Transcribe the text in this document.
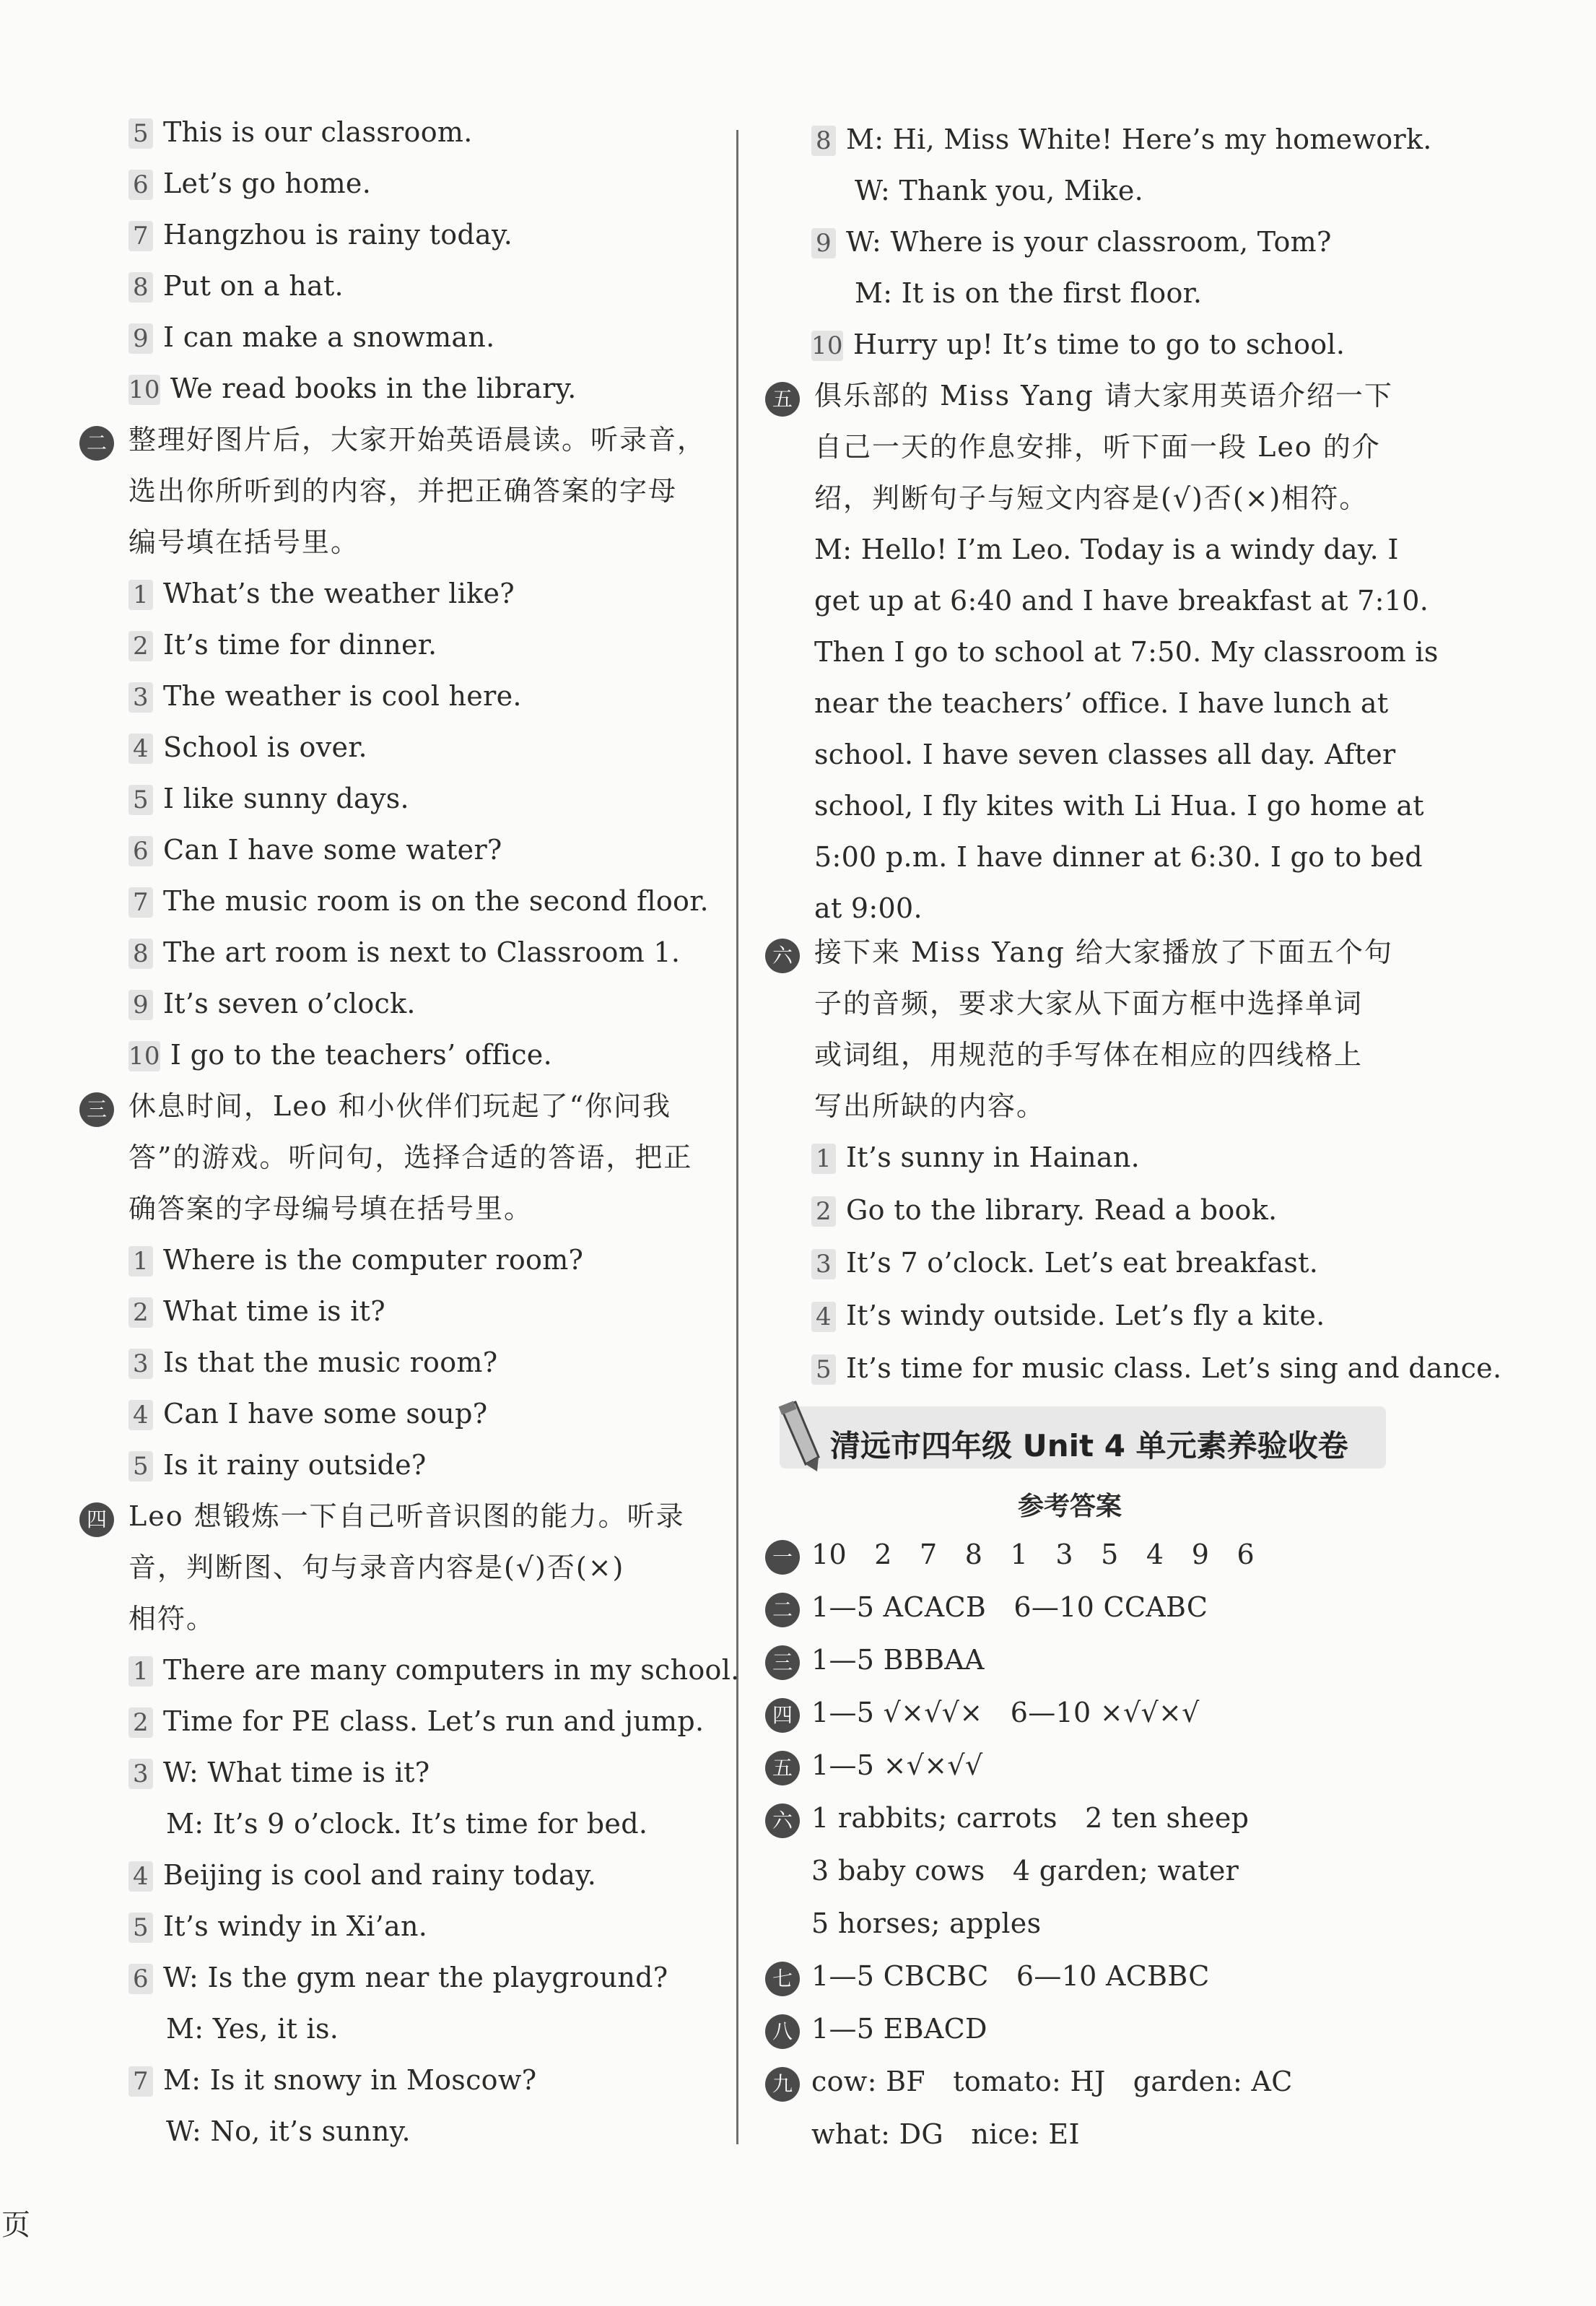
5 This is our classroom.
6 Let’s go home.
7 Hangzhou is rainy today.
8 Put on a hat.
9 I can make a snowman.
10 We read books in the library.
二 整理好图片后，大家开始英语晨读。听录音，
选出你所听到的内容，并把正确答案的字母
编号填在括号里。
1 What’s the weather like?
2 It’s time for dinner.
3 The weather is cool here.
4 School is over.
5 I like sunny days.
6 Can I have some water?
7 The music room is on the second floor.
8 The art room is next to Classroom 1.
9 It’s seven o’clock.
10 I go to the teachers’ office.
三 休息时间，Leo 和小伙伴们玩起了“你问我
答”的游戏。听问句，选择合适的答语，把正
确答案的字母编号填在括号里。
1 Where is the computer room?
2 What time is it?
3 Is that the music room?
4 Can I have some soup?
5 Is it rainy outside?
四 Leo 想锻炼一下自己听音识图的能力。听录
音，判断图、句与录音内容是(√)否(×)
相符。
1 There are many computers in my school.
2 Time for PE class. Let’s run and jump.
3 W: What time is it?
M: It’s 9 o’clock. It’s time for bed.
4 Beijing is cool and rainy today.
5 It’s windy in Xi’an.
6 W: Is the gym near the playground?
M: Yes, it is.
7 M: Is it snowy in Moscow?
W: No, it’s sunny.
页
8 M: Hi, Miss White! Here’s my homework.
W: Thank you, Mike.
9 W: Where is your classroom, Tom?
M: It is on the first floor.
10 Hurry up! It’s time to go to school.
五 俱乐部的 Miss Yang 请大家用英语介绍一下
自己一天的作息安排，听下面一段 Leo 的介
绍，判断句子与短文内容是(√)否(×)相符。
M: Hello! I’m Leo. Today is a windy day. I
get up at 6:40 and I have breakfast at 7:10.
Then I go to school at 7:50. My classroom is
near the teachers’ office. I have lunch at
school. I have seven classes all day. After
school, I fly kites with Li Hua. I go home at
5:00 p.m. I have dinner at 6:30. I go to bed
at 9:00.
六 接下来 Miss Yang 给大家播放了下面五个句
子的音频，要求大家从下面方框中选择单词
或词组，用规范的手写体在相应的四线格上
写出所缺的内容。
1 It’s sunny in Hainan.
2 Go to the library. Read a book.
3 It’s 7 o’clock. Let’s eat breakfast.
4 It’s windy outside. Let’s fly a kite.
5 It’s time for music class. Let’s sing and dance.
清远市四年级 Unit 4 单元素养验收卷
参考答案
一 10　2　7　8　1　3　5　4　9　6
二 1—5 ACACB　6—10 CCABC
三 1—5 BBBAA
四 1—5 √×√√×　6—10 ×√√×√
五 1—5 ×√×√√
六 1 rabbits; carrots　2 ten sheep
3 baby cows　4 garden; water
5 horses; apples
七 1—5 CBCBC　6—10 ACBBC
八 1—5 EBACD
九 cow: BF　tomato: HJ　garden: AC
what: DG　nice: EI
